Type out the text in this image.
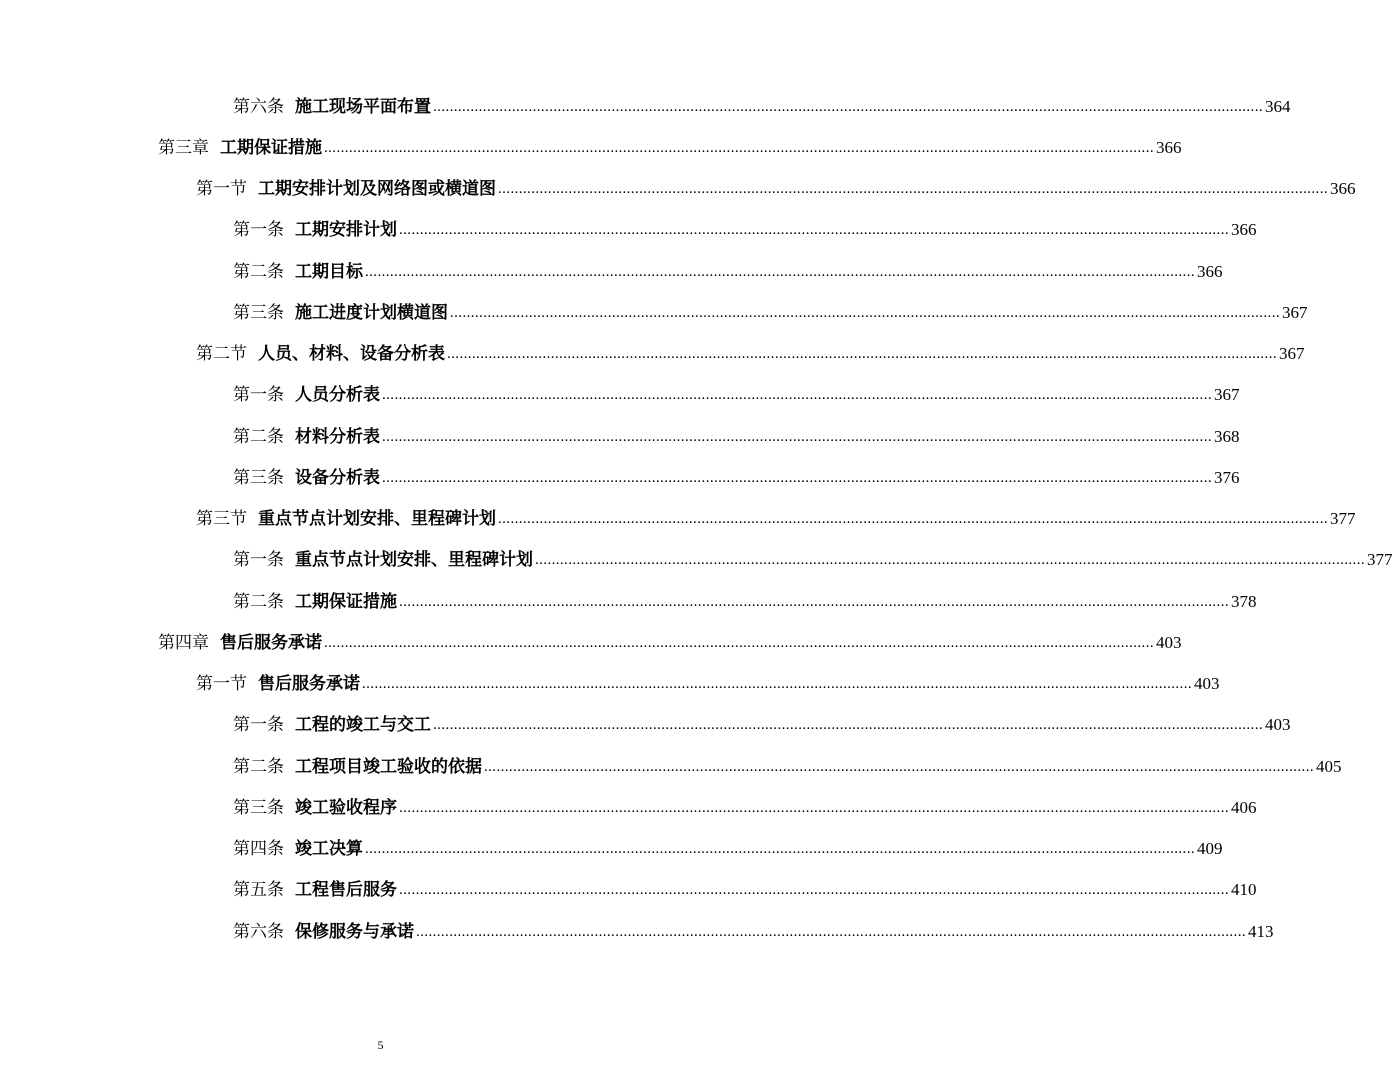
第六条 施工现场平面布置 ........................................................................................................................................................................................................ 364
第三章 工期保证措施 ........................................................................................................................................................................................................ 366
第一节 工期安排计划及网络图或横道图 ........................................................................................................................................................................................................ 366
第一条 工期安排计划 ........................................................................................................................................................................................................ 366
第二条 工期目标 ........................................................................................................................................................................................................ 366
第三条 施工进度计划横道图 ........................................................................................................................................................................................................ 367
第二节 人员、材料、设备分析表 ........................................................................................................................................................................................................ 367
第一条 人员分析表 ........................................................................................................................................................................................................ 367
第二条 材料分析表 ........................................................................................................................................................................................................ 368
第三条 设备分析表 ........................................................................................................................................................................................................ 376
第三节 重点节点计划安排、里程碑计划 ........................................................................................................................................................................................................ 377
第一条 重点节点计划安排、里程碑计划 ........................................................................................................................................................................................................ 377
第二条 工期保证措施 ........................................................................................................................................................................................................ 378
第四章 售后服务承诺 ........................................................................................................................................................................................................ 403
第一节 售后服务承诺 ........................................................................................................................................................................................................ 403
第一条 工程的竣工与交工 ........................................................................................................................................................................................................ 403
第二条 工程项目竣工验收的依据 ........................................................................................................................................................................................................ 405
第三条 竣工验收程序 ........................................................................................................................................................................................................ 406
第四条 竣工决算 ........................................................................................................................................................................................................ 409
第五条 工程售后服务 ........................................................................................................................................................................................................ 410
第六条 保修服务与承诺 ........................................................................................................................................................................................................ 413
5
